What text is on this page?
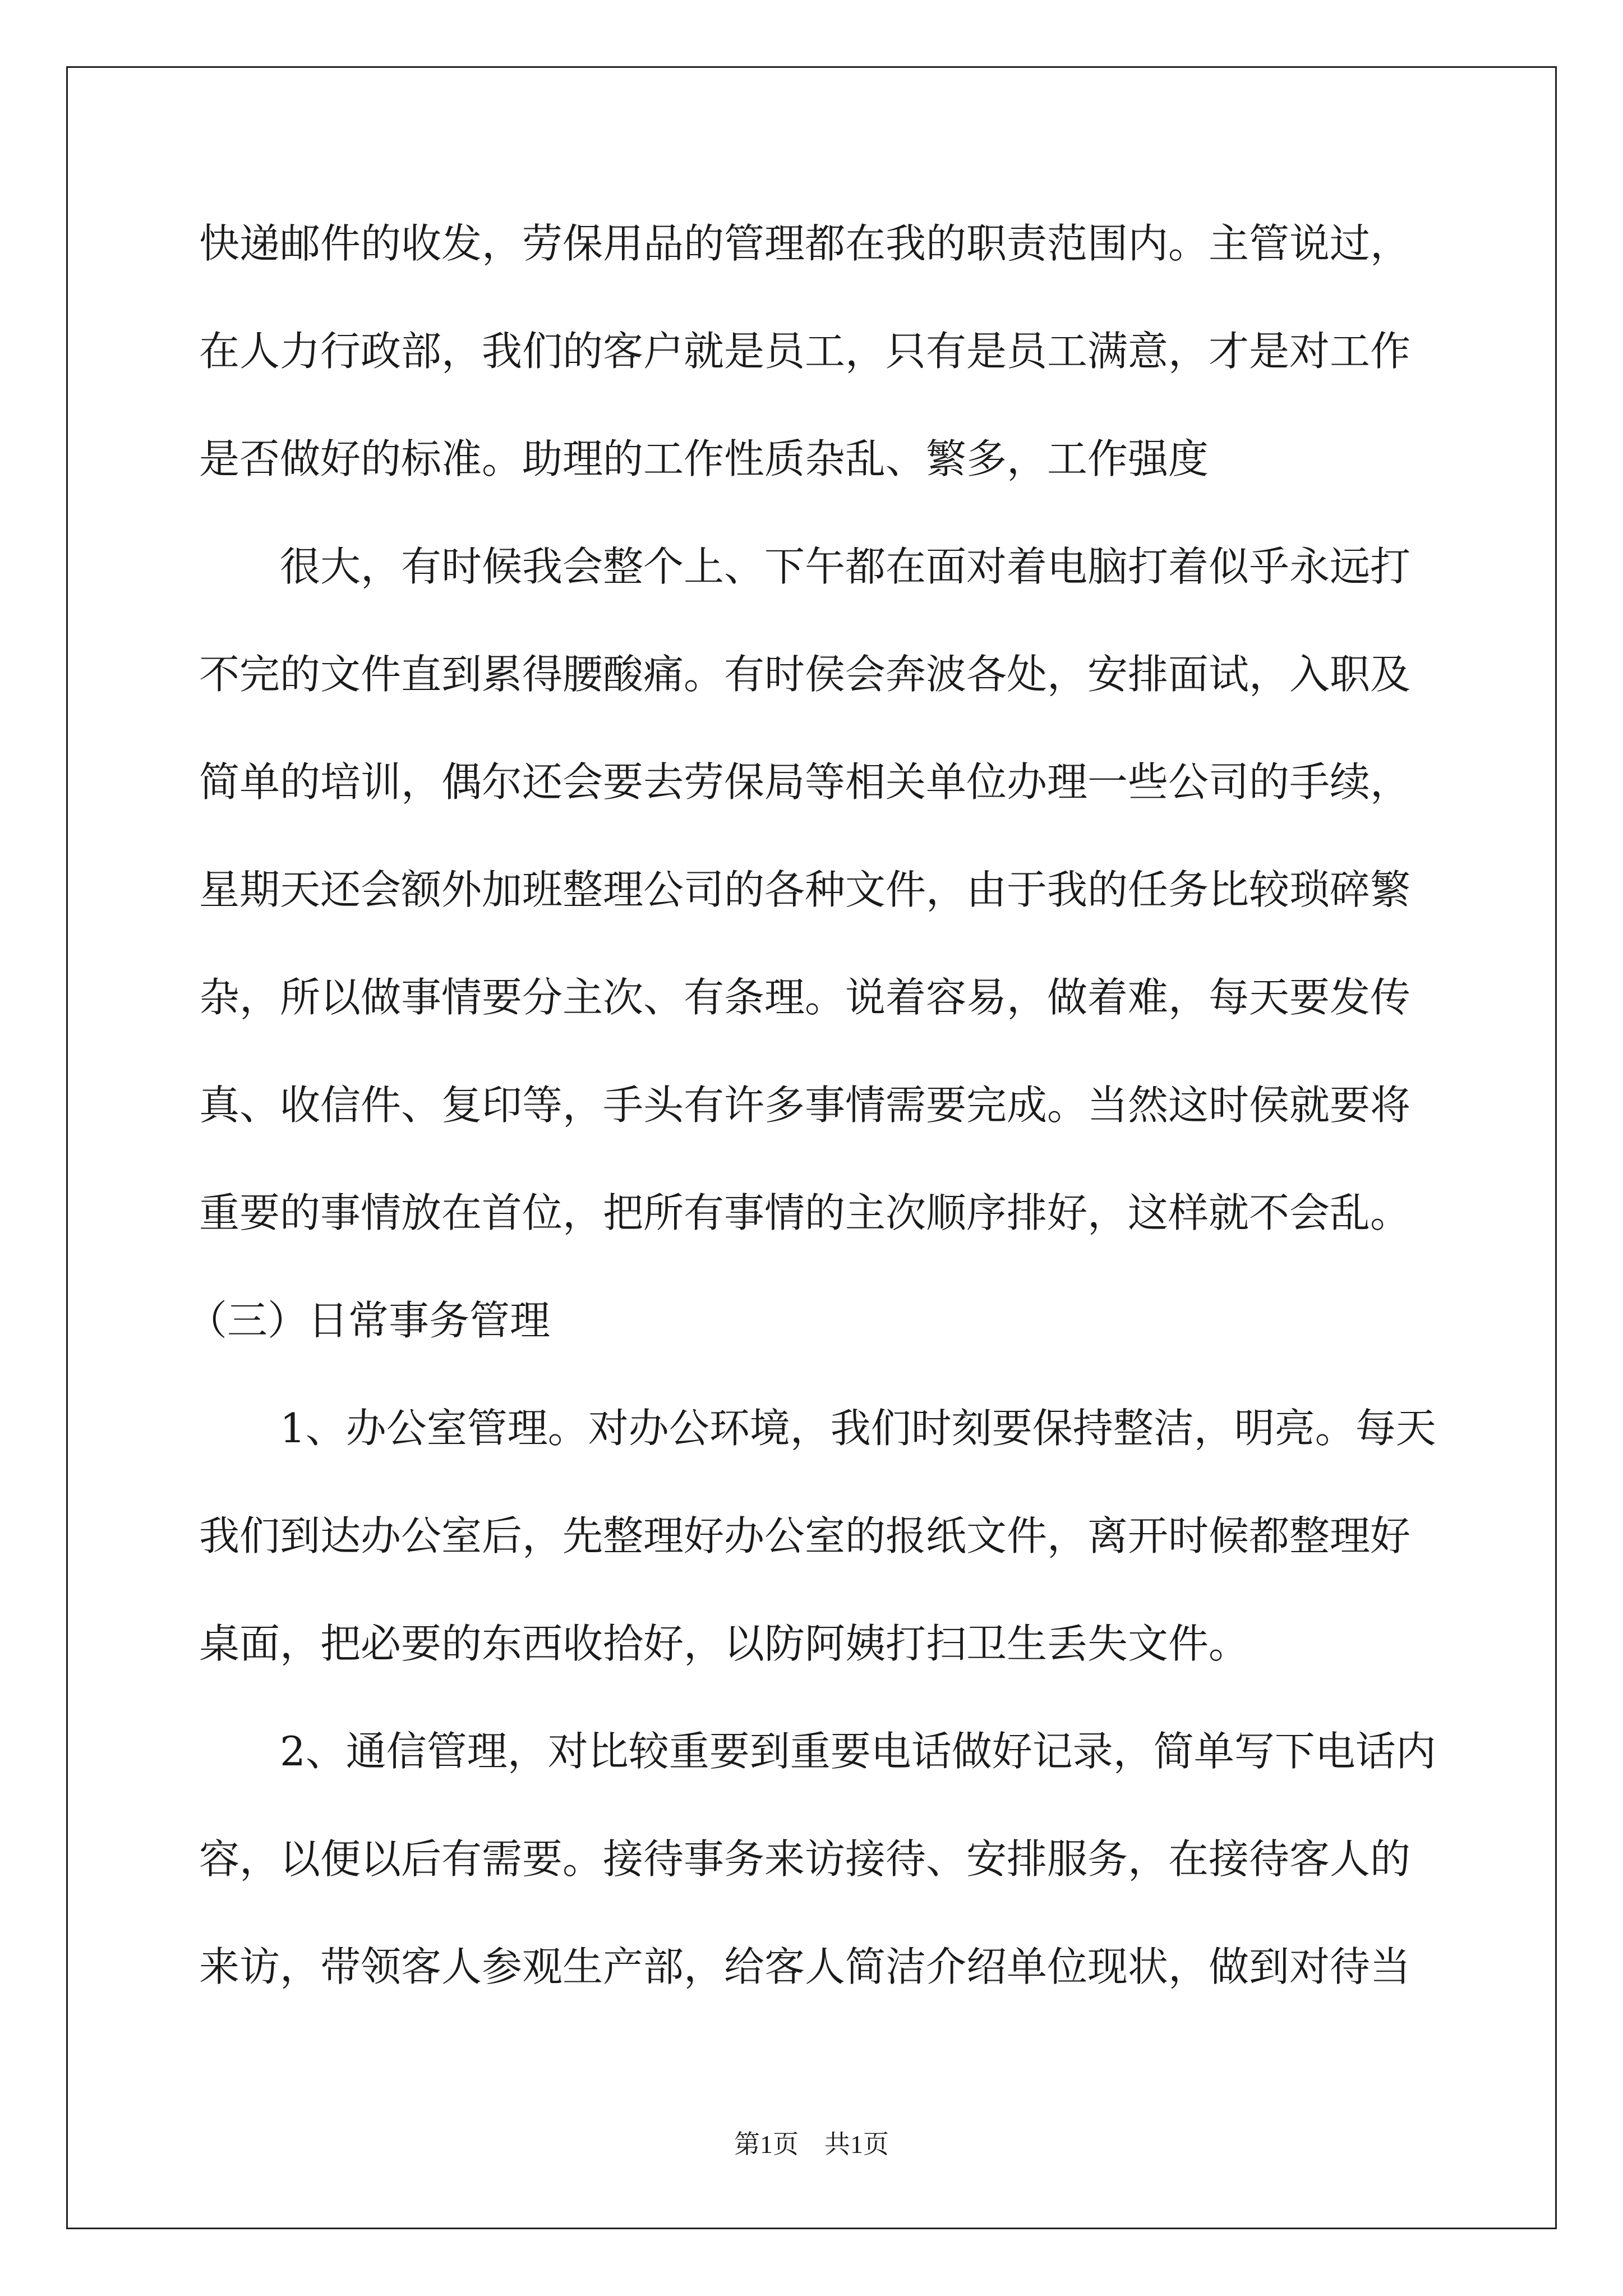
快递邮件的收发，劳保用品的管理都在我的职责范围内。主管说过，
在人力行政部，我们的客户就是员工，只有是员工满意，才是对工作
是否做好的标准。助理的工作性质杂乱、繁多，工作强度
很大，有时候我会整个上、下午都在面对着电脑打着似乎永远打
不完的文件直到累得腰酸痛。有时侯会奔波各处，安排面试，入职及
简单的培训，偶尔还会要去劳保局等相关单位办理一些公司的手续，
星期天还会额外加班整理公司的各种文件，由于我的任务比较琐碎繁
杂，所以做事情要分主次、有条理。说着容易，做着难，每天要发传
真、收信件、复印等，手头有许多事情需要完成。当然这时侯就要将
重要的事情放在首位，把所有事情的主次顺序排好，这样就不会乱。
（三）日常事务管理
1、办公室管理。对办公环境，我们时刻要保持整洁，明亮。每天
我们到达办公室后，先整理好办公室的报纸文件，离开时候都整理好
桌面，把必要的东西收拾好，以防阿姨打扫卫生丢失文件。
2、通信管理，对比较重要到重要电话做好记录，简单写下电话内
容，以便以后有需要。接待事务来访接待、安排服务，在接待客人的
来访，带领客人参观生产部，给客人简洁介绍单位现状，做到对待当
第1页　共1页
